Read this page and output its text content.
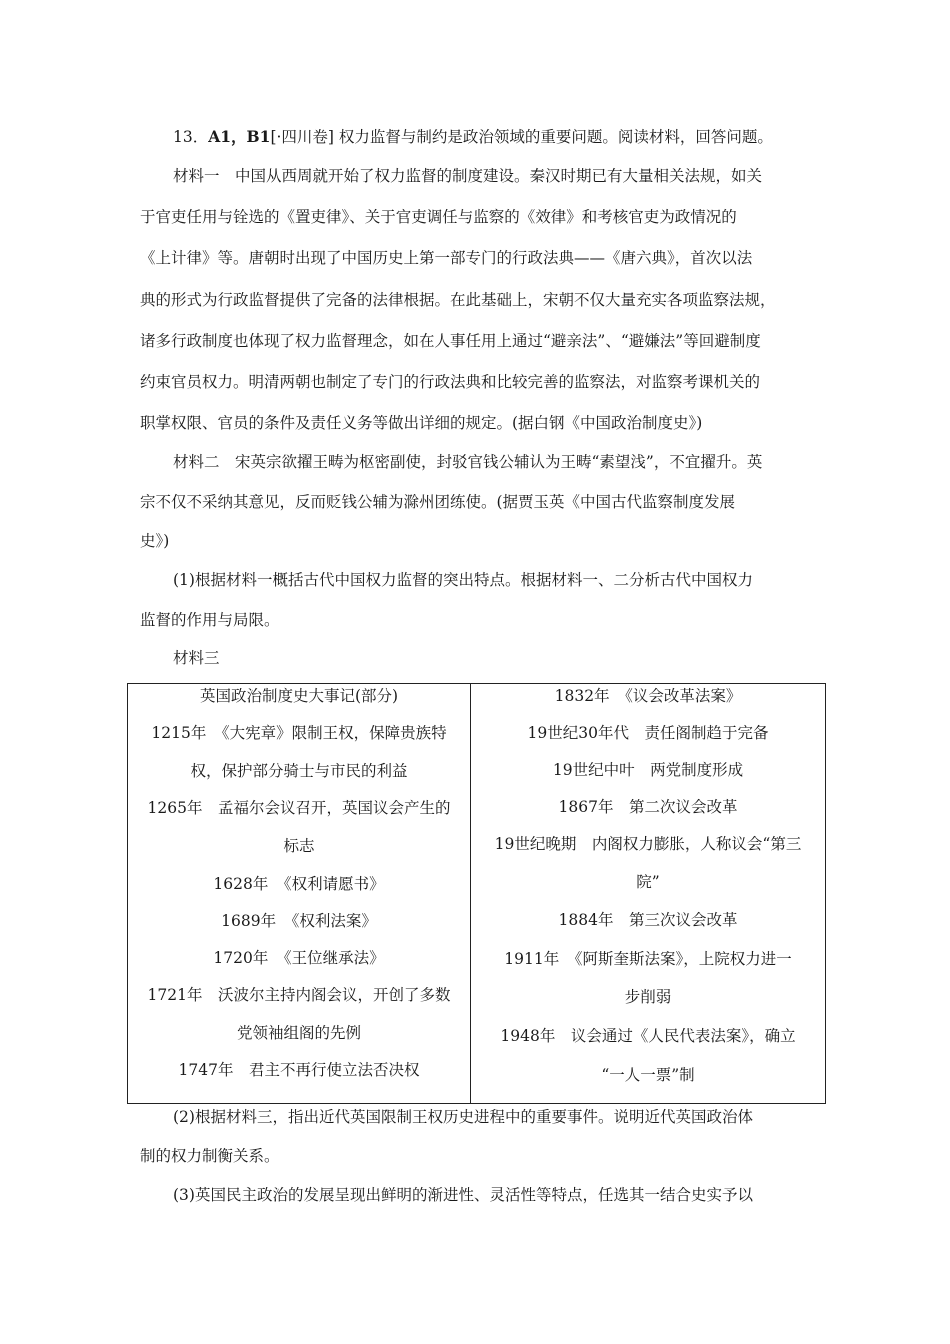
13．A1，B1[·四川卷] 权力监督与制约是政治领域的重要问题。阅读材料，回答问题。
材料一　中国从西周就开始了权力监督的制度建设。秦汉时期已有大量相关法规，如关
于官吏任用与铨选的《置吏律》、关于官吏调任与监察的《效律》和考核官吏为政情况的
《上计律》等。唐朝时出现了中国历史上第一部专门的行政法典——《唐六典》，首次以法
典的形式为行政监督提供了完备的法律根据。在此基础上，宋朝不仅大量充实各项监察法规，
诸多行政制度也体现了权力监督理念，如在人事任用上通过“避亲法”、“避嫌法”等回避制度
约束官员权力。明清两朝也制定了专门的行政法典和比较完善的监察法，对监察考课机关的
职掌权限、官员的条件及责任义务等做出详细的规定。(据白钢《中国政治制度史》)
材料二　宋英宗欲擢王畴为枢密副使，封驳官钱公辅认为王畴“素望浅”，不宜擢升。英
宗不仅不采纳其意见，反而贬钱公辅为滁州团练使。(据贾玉英《中国古代监察制度发展
史》)
(1)根据材料一概括古代中国权力监督的突出特点。根据材料一、二分析古代中国权力
监督的作用与局限。
材料三
英国政治制度史大事记(部分)
1215年　《大宪章》限制王权，保障贵族特
权，保护部分骑士与市民的利益
1265年　孟福尔会议召开，英国议会产生的
标志
1628年　《权利请愿书》
1689年　《权利法案》
1720年　《王位继承法》
1721年　沃波尔主持内阁会议，开创了多数
党领袖组阁的先例
1747年　君主不再行使立法否决权

1832年　《议会改革法案》
19世纪30年代　责任阁制趋于完备
19世纪中叶　两党制度形成
1867年　第二次议会改革
19世纪晚期　内阁权力膨胀，人称议会“第三
院”
1884年　第三次议会改革
1911年　《阿斯奎斯法案》，上院权力进一
步削弱
1948年　议会通过《人民代表法案》，确立
“一人一票”制
(2)根据材料三，指出近代英国限制王权历史进程中的重要事件。说明近代英国政治体
制的权力制衡关系。
(3)英国民主政治的发展呈现出鲜明的渐进性、灵活性等特点，任选其一结合史实予以
